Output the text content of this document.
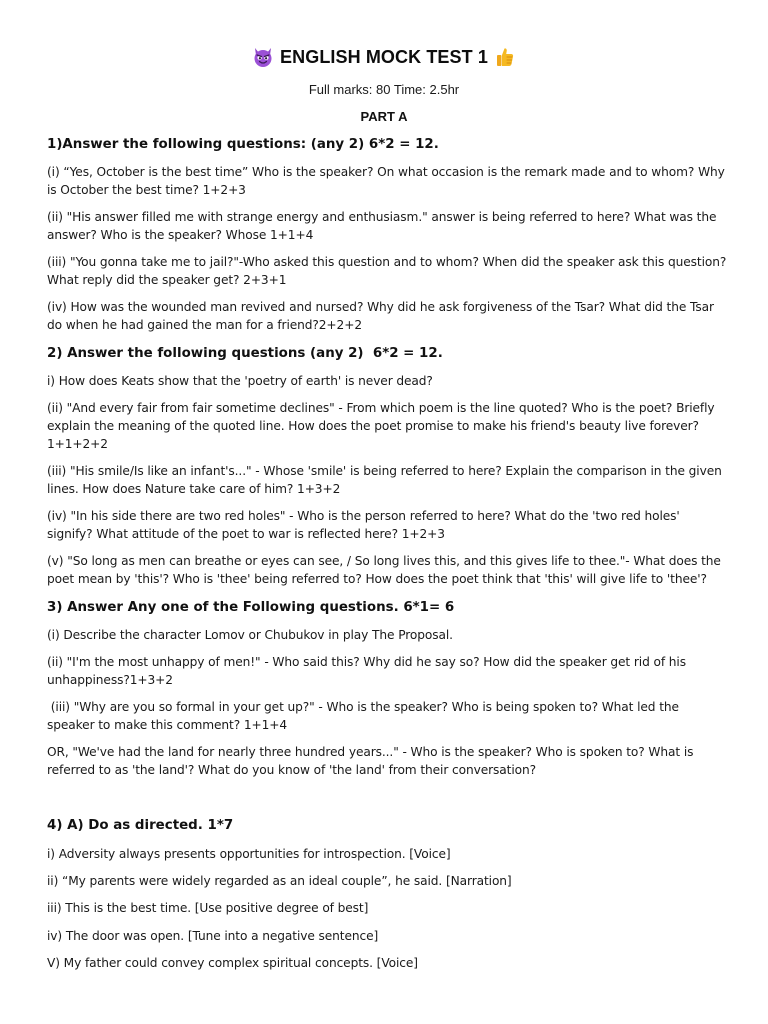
ENGLISH MOCK TEST 1
Full marks: 80 Time: 2.5hr
PART A
1)Answer the following questions: (any 2) 6*2 = 12.
(i) “Yes, October is the best time” Who is the speaker? On what occasion is the remark made and to whom? Why is October the best time? 1+2+3
(ii) "His answer filled me with strange energy and enthusiasm." answer is being referred to here? What was the answer? Who is the speaker? Whose 1+1+4
(iii) "You gonna take me to jail?"-Who asked this question and to whom? When did the speaker ask this question? What reply did the speaker get? 2+3+1
(iv) How was the wounded man revived and nursed? Why did he ask forgiveness of the Tsar? What did the Tsar do when he had gained the man for a friend?2+2+2
2) Answer the following questions (any 2)  6*2 = 12.
i) How does Keats show that the 'poetry of earth' is never dead?
(ii) "And every fair from fair sometime declines" - From which poem is the line quoted? Who is the poet? Briefly explain the meaning of the quoted line. How does the poet promise to make his friend's beauty live forever? 1+1+2+2
(iii) "His smile/Is like an infant's..." - Whose 'smile' is being referred to here? Explain the comparison in the given lines. How does Nature take care of him? 1+3+2
(iv) "In his side there are two red holes" - Who is the person referred to here? What do the 'two red holes' signify? What attitude of the poet to war is reflected here? 1+2+3
(v) "So long as men can breathe or eyes can see, / So long lives this, and this gives life to thee."- What does the poet mean by 'this'? Who is 'thee' being referred to? How does the poet think that 'this' will give life to 'thee'?
3) Answer Any one of the Following questions. 6*1= 6
(i) Describe the character Lomov or Chubukov in play The Proposal.
(ii) "I'm the most unhappy of men!" - Who said this? Why did he say so? How did the speaker get rid of his unhappiness?1+3+2
(iii) "Why are you so formal in your get up?" - Who is the speaker? Who is being spoken to? What led the speaker to make this comment? 1+1+4
OR, "We've had the land for nearly three hundred years..." - Who is the speaker? Who is spoken to? What is referred to as 'the land'? What do you know of 'the land' from their conversation?
4) A) Do as directed. 1*7
i) Adversity always presents opportunities for introspection. [Voice]
ii) “My parents were widely regarded as an ideal couple”, he said. [Narration]
iii) This is the best time. [Use positive degree of best]
iv) The door was open. [Tune into a negative sentence]
V) My father could convey complex spiritual concepts. [Voice]
